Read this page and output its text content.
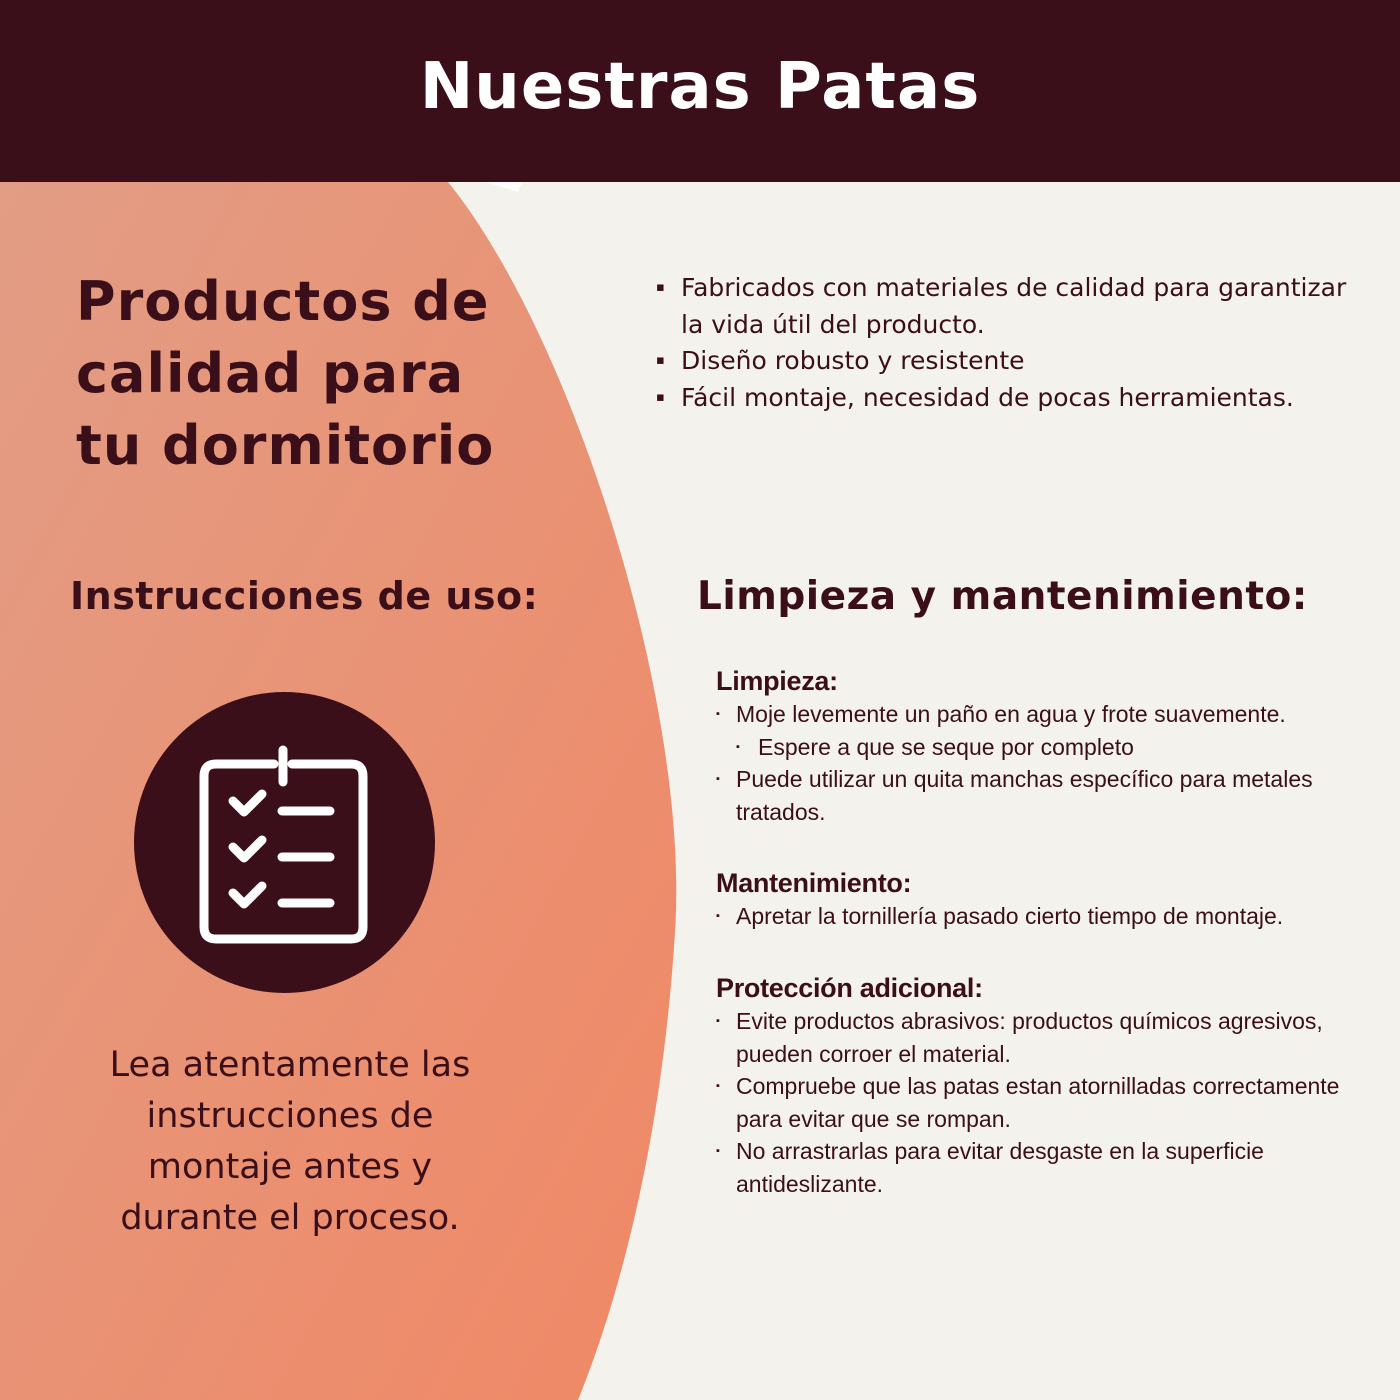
Nuestras Patas
Productos de
calidad para
tu dormitorio
▪ Fabricados con materiales de calidad para garantizar la vida útil del producto.
▪ Diseño robusto y resistente
▪ Fácil montaje, necesidad de pocas herramientas.
Instrucciones de uso:
Lea atentamente las instrucciones de montaje antes y durante el proceso.
Limpieza y mantenimiento:
Limpieza:
▪ Moje levemente un paño en agua y frote suavemente.
▪ Espere a que se seque por completo
▪ Puede utilizar un quita manchas específico para metales tratados.
Mantenimiento:
▪ Apretar la tornillería pasado cierto tiempo de montaje.
Protección adicional:
▪ Evite productos abrasivos: productos químicos agresivos, pueden corroer el material.
▪ Compruebe que las patas estan atornilladas correctamente para evitar que se rompan.
▪ No arrastrarlas para evitar desgaste en la superficie antideslizante.
